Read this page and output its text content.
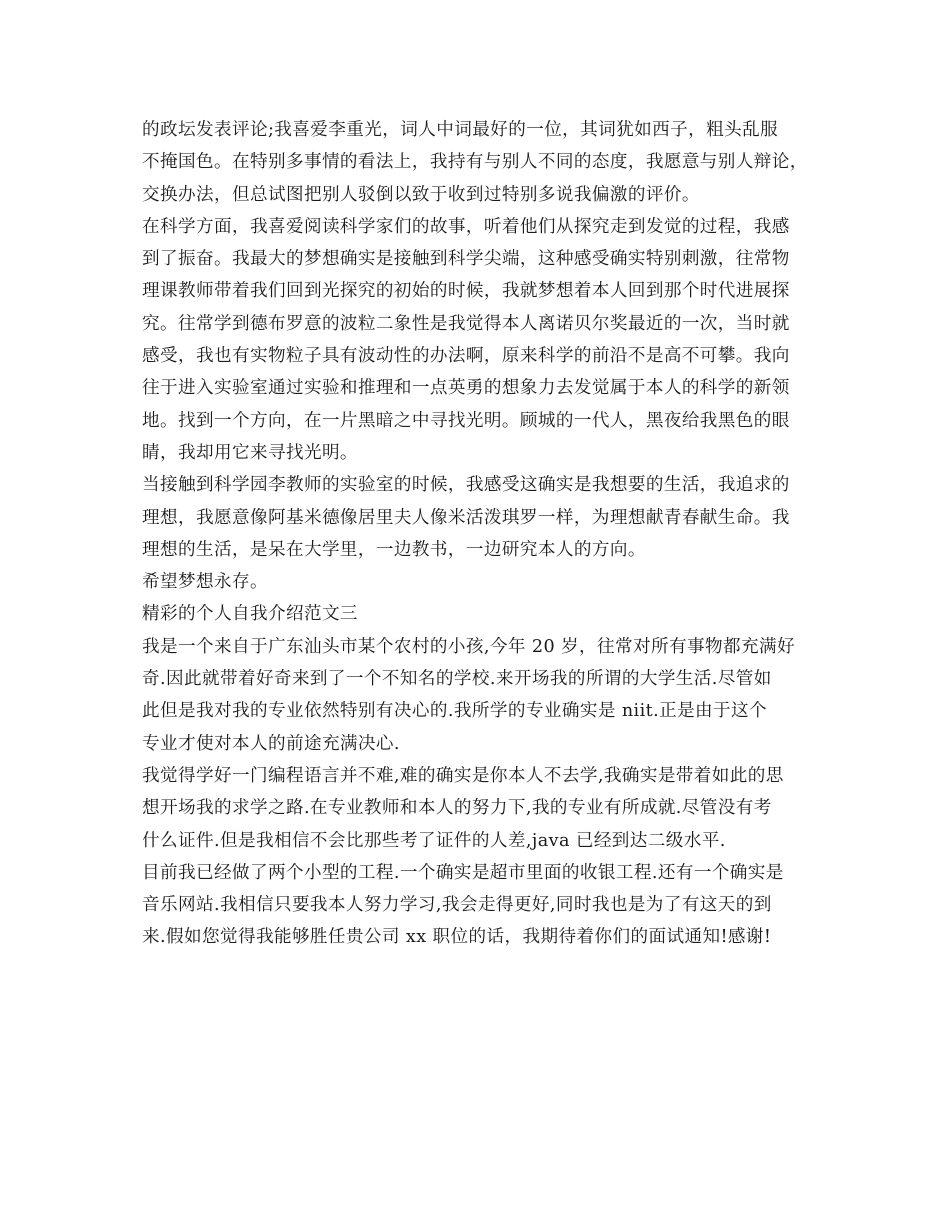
的政坛发表评论;我喜爱李重光，词人中词最好的一位，其词犹如西子，粗头乱服
不掩国色。在特别多事情的看法上，我持有与别人不同的态度，我愿意与别人辩论，
交换办法，但总试图把别人驳倒以致于收到过特别多说我偏激的评价。
在科学方面，我喜爱阅读科学家们的故事，听着他们从探究走到发觉的过程，我感
到了振奋。我最大的梦想确实是接触到科学尖端，这种感受确实特别刺激，往常物
理课教师带着我们回到光探究的初始的时候，我就梦想着本人回到那个时代进展探
究。往常学到德布罗意的波粒二象性是我觉得本人离诺贝尔奖最近的一次，当时就
感受，我也有实物粒子具有波动性的办法啊，原来科学的前沿不是高不可攀。我向
往于进入实验室通过实验和推理和一点英勇的想象力去发觉属于本人的科学的新领
地。找到一个方向，在一片黑暗之中寻找光明。顾城的一代人，黑夜给我黑色的眼
睛，我却用它来寻找光明。
当接触到科学园李教师的实验室的时候，我感受这确实是我想要的生活，我追求的
理想，我愿意像阿基米德像居里夫人像米活泼琪罗一样，为理想献青春献生命。我
理想的生活，是呆在大学里，一边教书，一边研究本人的方向。
希望梦想永存。
精彩的个人自我介绍范文三
我是一个来自于广东汕头市某个农村的小孩,今年 20 岁，往常对所有事物都充满好
奇.因此就带着好奇来到了一个不知名的学校.来开场我的所谓的大学生活.尽管如
此但是我对我的专业依然特别有决心的.我所学的专业确实是 niit.正是由于这个
专业才使对本人的前途充满决心.
我觉得学好一门编程语言并不难,难的确实是你本人不去学,我确实是带着如此的思
想开场我的求学之路.在专业教师和本人的努力下,我的专业有所成就.尽管没有考
什么证件.但是我相信不会比那些考了证件的人差,java 已经到达二级水平.
目前我已经做了两个小型的工程.一个确实是超市里面的收银工程.还有一个确实是
音乐网站.我相信只要我本人努力学习,我会走得更好,同时我也是为了有这天的到
来.假如您觉得我能够胜任贵公司 xx 职位的话，我期待着你们的面试通知!感谢!
